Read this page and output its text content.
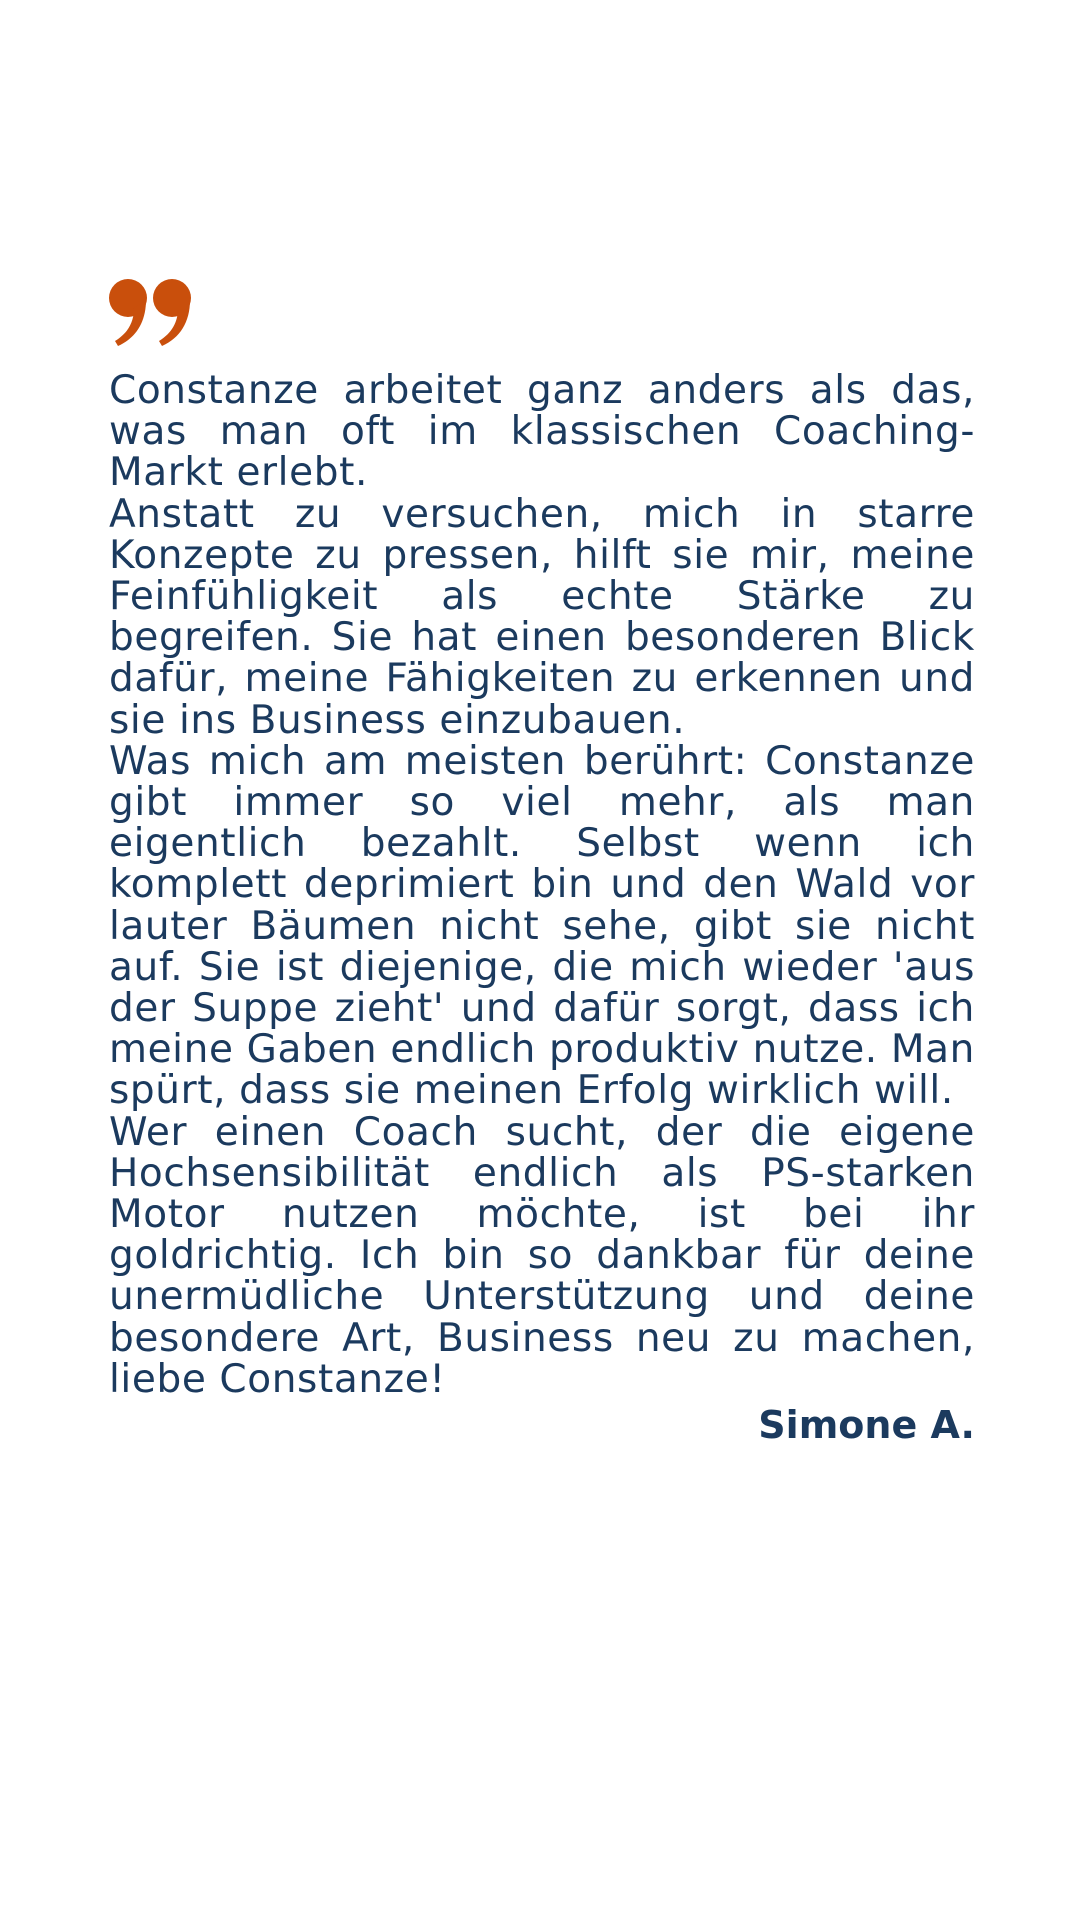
Constanze arbeitet ganz anders als das, was man oft im klassischen Coaching-Markt erlebt.

Anstatt zu versuchen, mich in starre Konzepte zu pressen, hilft sie mir, meine Feinfühligkeit als echte Stärke zu begreifen. Sie hat einen besonderen Blick dafür, meine Fähigkeiten zu erkennen und sie ins Business einzubauen.

Was mich am meisten berührt: Constanze gibt immer so viel mehr, als man eigentlich bezahlt. Selbst wenn ich komplett deprimiert bin und den Wald vor lauter Bäumen nicht sehe, gibt sie nicht auf. Sie ist diejenige, die mich wieder 'aus der Suppe zieht' und dafür sorgt, dass ich meine Gaben endlich produktiv nutze. Man spürt, dass sie meinen Erfolg wirklich will.

Wer einen Coach sucht, der die eigene Hochsensibilität endlich als PS-starken Motor nutzen möchte, ist bei ihr goldrichtig. Ich bin so dankbar für deine unermüdliche Unterstützung und deine besondere Art, Business neu zu machen, liebe Constanze!

Simone A.
